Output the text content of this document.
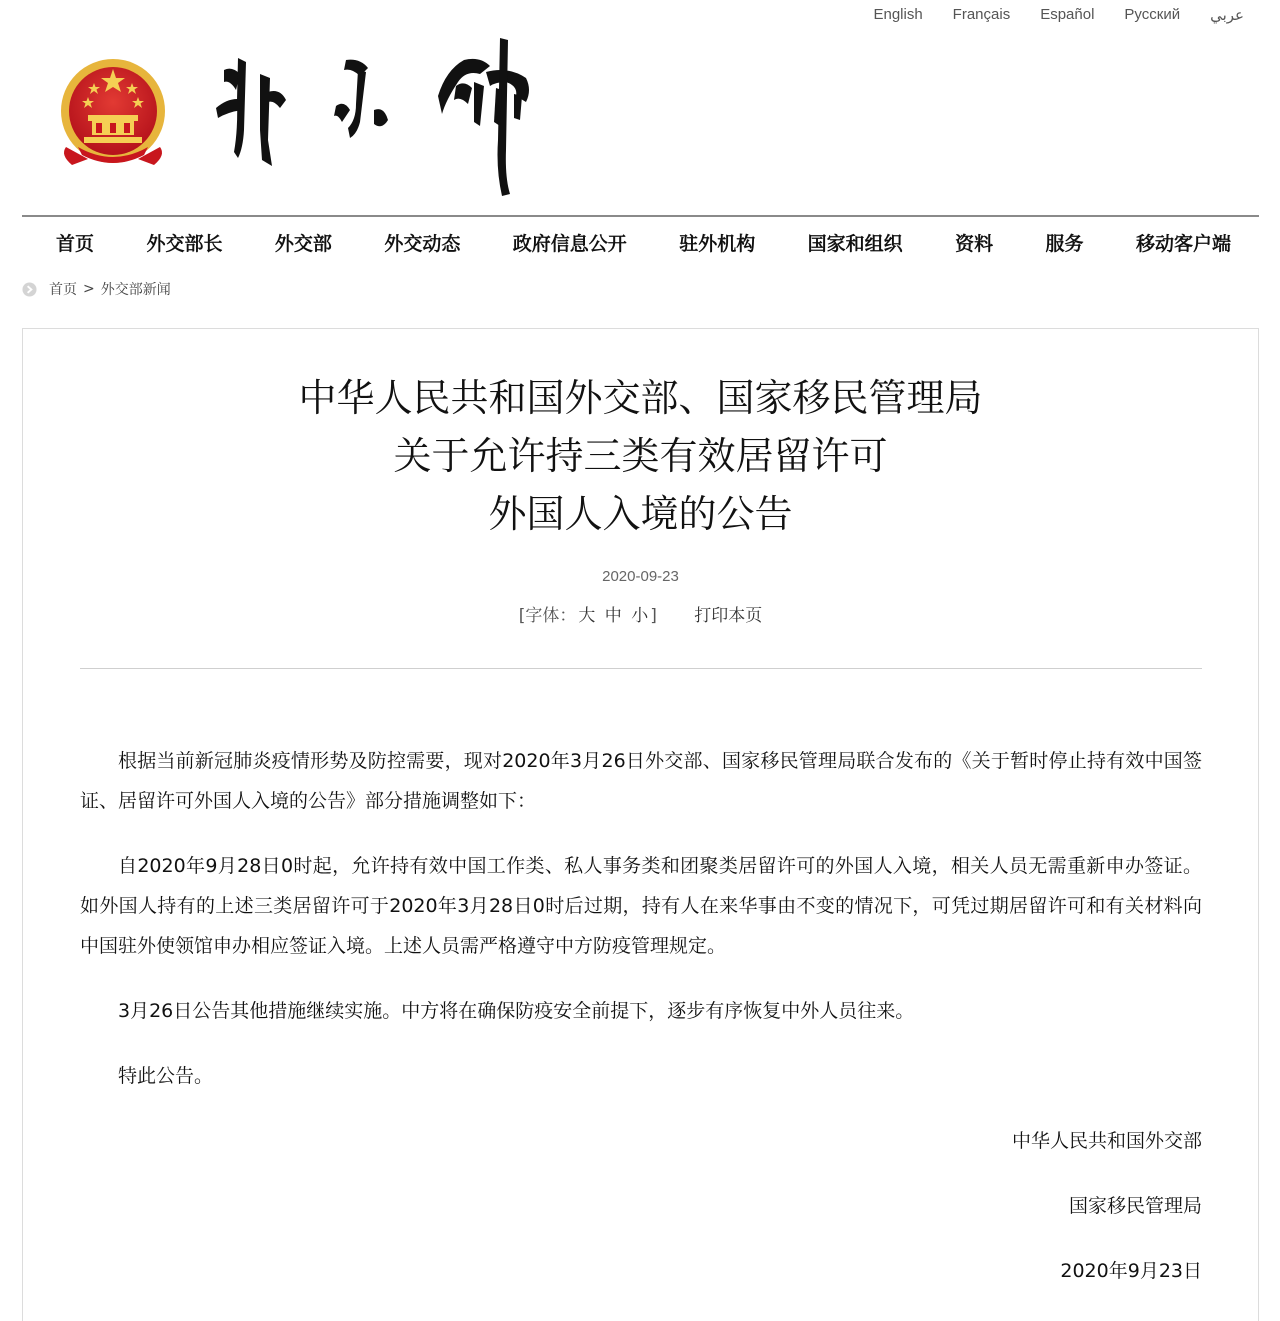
English Français Español Русский عربي
首页	外交部长	外交部	外交动态	政府信息公开	驻外机构	国家和组织	资料	服务	移动客户端
首页 > 外交部新闻
中华人民共和国外交部、国家移民管理局
关于允许持三类有效居留许可
外国人入境的公告
2020-09-23
[字体： 大 中 小 ] 打印本页

根据当前新冠肺炎疫情形势及防控需要，现对2020年3月26日外交部、国家移民管理局联合发布的《关于暂时停止持有效中国签证、居留许可外国人入境的公告》部分措施调整如下：

自2020年9月28日0时起，允许持有效中国工作类、私人事务类和团聚类居留许可的外国人入境，相关人员无需重新申办签证。如外国人持有的上述三类居留许可于2020年3月28日0时后过期，持有人在来华事由不变的情况下，可凭过期居留许可和有关材料向中国驻外使领馆申办相应签证入境。上述人员需严格遵守中方防疫管理规定。

3月26日公告其他措施继续实施。中方将在确保防疫安全前提下，逐步有序恢复中外人员往来。

特此公告。

中华人民共和国外交部
国家移民管理局
2020年9月23日
